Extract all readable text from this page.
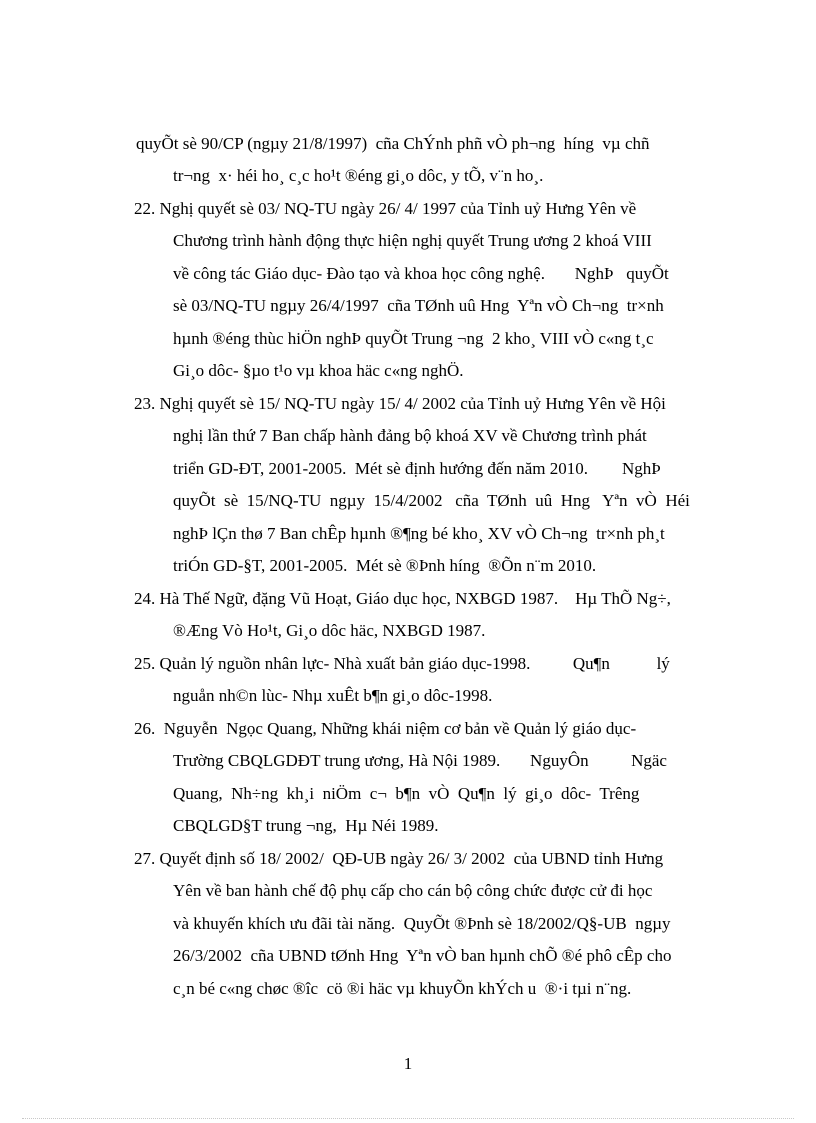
quyÕt sè 90/CP (ngµy 21/8/1997)  cña ChÝnh phñ vÒ ph¬ng  híng  vµ chñ
tr¬ng  x· héi ho¸ c¸c ho¹t ®éng gi¸o dôc, y tÕ, v¨n ho¸.
22. Nghị quyết sè 03/ NQ-TU ngày 26/ 4/ 1997 của Tỉnh uỷ Hưng Yên về
Chương trình hành động thực hiện nghị quyết Trung ương 2 khoá VIII
về công tác Giáo dục- Đào tạo và khoa học công nghệ.       NghÞ   quyÕt
sè 03/NQ-TU ngµy 26/4/1997  cña TØnh uû Hng  Yªn vÒ Ch¬ng  tr×nh
hµnh ®éng thùc hiÖn nghÞ quyÕt Trung ¬ng  2 kho¸ VIII vÒ c«ng t¸c
Gi¸o dôc- §µo t¹o vµ khoa häc c«ng nghÖ.
23. Nghị quyết sè 15/ NQ-TU ngày 15/ 4/ 2002 của Tỉnh uỷ Hưng Yên về Hội
nghị lần thứ 7 Ban chấp hành đảng bộ khoá XV về Chương trình phát
triển GD-ĐT, 2001-2005.  Mét sè định hướng đến năm 2010.        NghÞ
quyÕt  sè  15/NQ-TU  ngµy  15/4/2002   cña  TØnh  uû  Hng   Yªn  vÒ  Héi
nghÞ lÇn thø 7 Ban chÊp hµnh ®¶ng bé kho¸ XV vÒ Ch¬ng  tr×nh ph¸t
triÓn GD-§T, 2001-2005.  Mét sè ®Þnh híng  ®Õn n¨m 2010.
24. Hà Thế Ngữ, đặng Vũ Hoạt, Giáo dục học, NXBGD 1987.    Hµ ThÕ Ng÷,
®Æng Vò Ho¹t, Gi¸o dôc häc, NXBGD 1987.
25. Quản lý nguồn nhân lực- Nhà xuất bản giáo dục-1998.          Qu¶n           lý
nguån nh©n lùc- Nhµ xuÊt b¶n gi¸o dôc-1998.
26.  Nguyễn  Ngọc Quang, Những khái niệm cơ bản về Quản lý giáo dục-
Trường CBQLGDĐT trung ương, Hà Nội 1989.       NguyÔn          Ngäc
Quang,  Nh÷ng  kh¸i  niÖm  c¬  b¶n  vÒ  Qu¶n  lý  gi¸o  dôc-  Trêng
CBQLGD§T trung ¬ng,  Hµ Néi 1989.
27. Quyết định số 18/ 2002/  QĐ-UB ngày 26/ 3/ 2002  của UBND tỉnh Hưng
Yên về ban hành chế độ phụ cấp cho cán bộ công chức được cử đi học
và khuyến khích ưu đãi tài năng.  QuyÕt ®Þnh sè 18/2002/Q§-UB  ngµy
26/3/2002  cña UBND tØnh Hng  Yªn vÒ ban hµnh chÕ ®é phô cÊp cho
c¸n bé c«ng chøc ®îc  cö ®i häc vµ khuyÕn khÝch u  ®·i tµi n¨ng.
1
